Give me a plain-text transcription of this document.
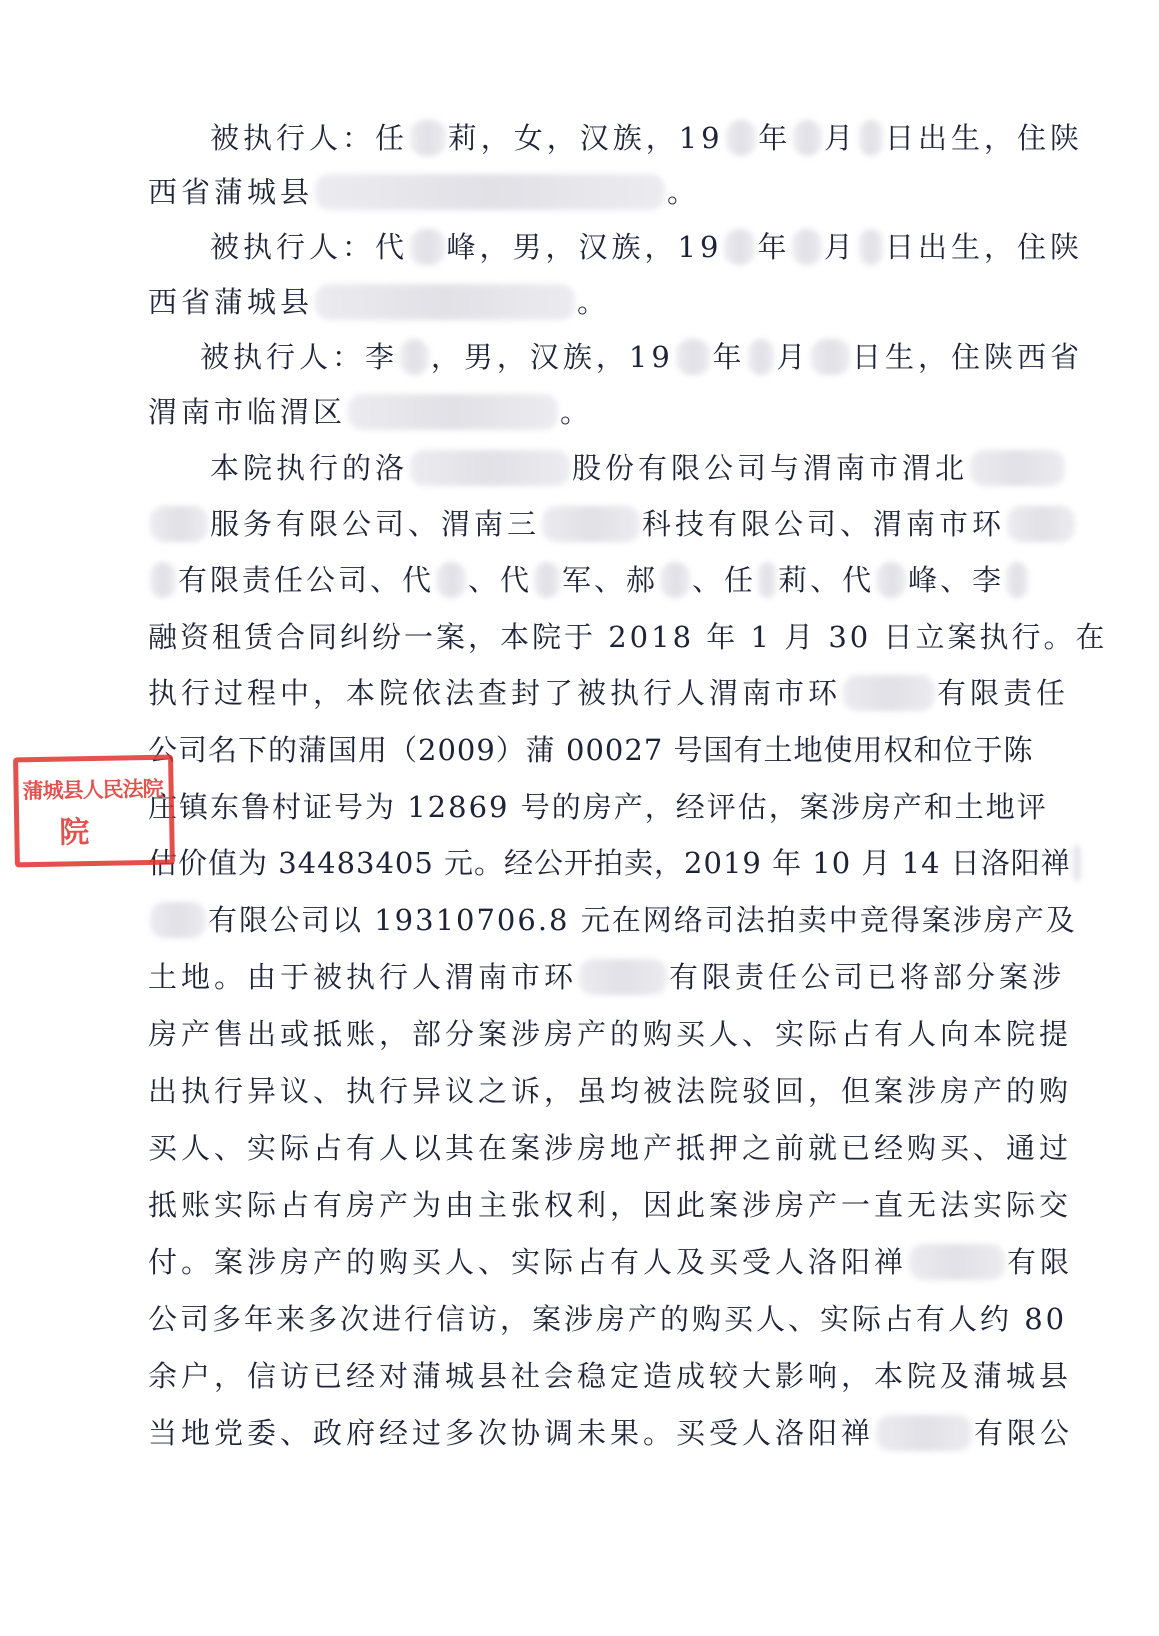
被执行人：任 莉，女，汉族，19 年 月 日出生，住陕
西省蒲城县	。
被执行人：代 峰，男，汉族，19 年 月 日出生，住陕
西省蒲城县	。
被执行人：李 ，男，汉族，19 年 月 日生，住陕西省
渭南市临渭区	。
本院执行的洛	股份有限公司与渭南市渭北
服务有限公司、渭南三	科技有限公司、渭南市环
有限责任公司、代 、代 军、郝 、任 莉、代 峰、李
融资租赁合同纠纷一案，本院于 2018 年 1 月 30 日立案执行。在
执行过程中，本院依法查封了被执行人渭南市环	有限责任
公司名下的蒲国用（2009）蒲 00027 号国有土地使用权和位于陈
庄镇东鲁村证号为 12869 号的房产，经评估，案涉房产和土地评
估价值为 34483405 元。经公开拍卖，2019 年 10 月 14 日洛阳禅
有限公司以 19310706.8 元在网络司法拍卖中竞得案涉房产及
土地。由于被执行人渭南市环	有限责任公司已将部分案涉
房产售出或抵账，部分案涉房产的购买人、实际占有人向本院提
出执行异议、执行异议之诉，虽均被法院驳回，但案涉房产的购
买人、实际占有人以其在案涉房地产抵押之前就已经购买、通过
抵账实际占有房产为由主张权利，因此案涉房产一直无法实际交
付。案涉房产的购买人、实际占有人及买受人洛阳禅	有限
公司多年来多次进行信访，案涉房产的购买人、实际占有人约 80
余户，信访已经对蒲城县社会稳定造成较大影响，本院及蒲城县
当地党委、政府经过多次协调未果。买受人洛阳禅	有限公
蒲城县人民法院
院
